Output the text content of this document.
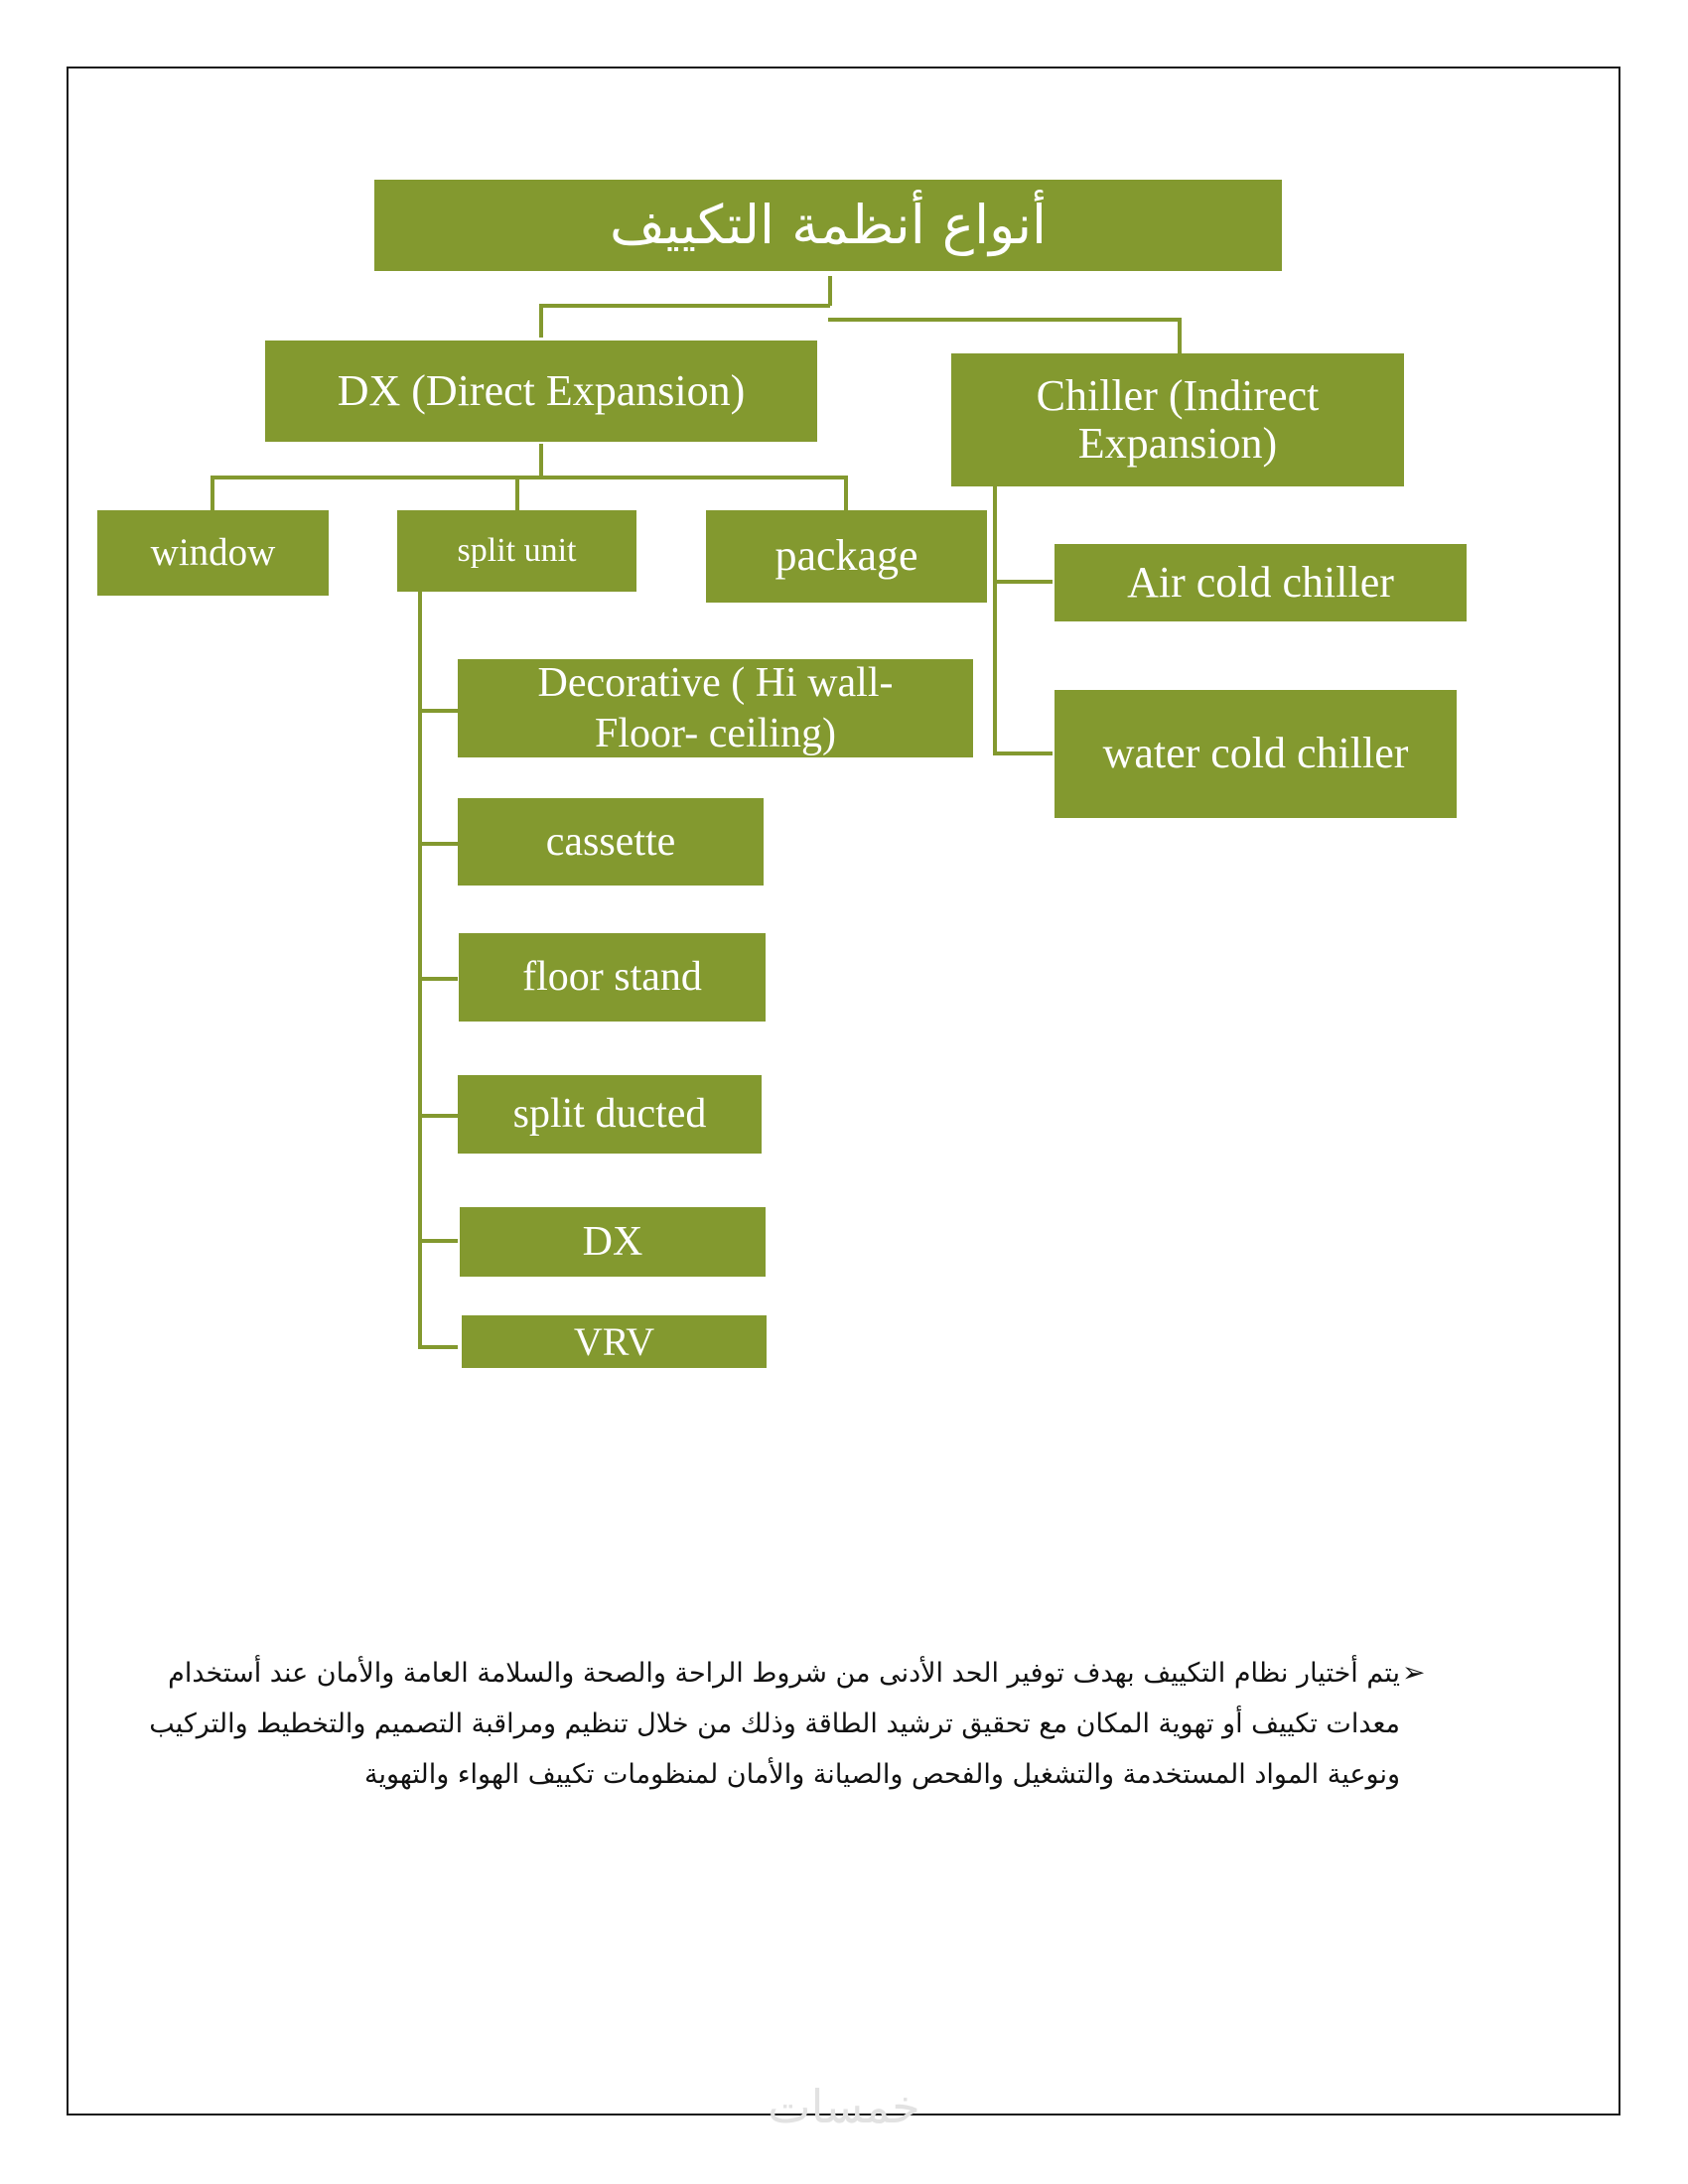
أنواع أنظمة التكييف
DX (Direct Expansion)	Chiller (Indirect Expansion)
window	split unit	package
Air cold chiller
water cold chiller
Decorative ( Hi wall- Floor- ceiling)
cassette
floor stand
split ducted
DX
VRV
➢
يتم أختيار نظام التكييف بهدف توفير الحد الأدنى من شروط الراحة والصحة والسلامة العامة والأمان عند أستخدام معدات تكييف أو تهوية المكان مع تحقيق ترشيد الطاقة وذلك من خلال تنظيم ومراقبة التصميم والتخطيط والتركيب ونوعية المواد المستخدمة والتشغيل والفحص والصيانة والأمان لمنظومات تكييف الهواء والتهوية
خمسات
